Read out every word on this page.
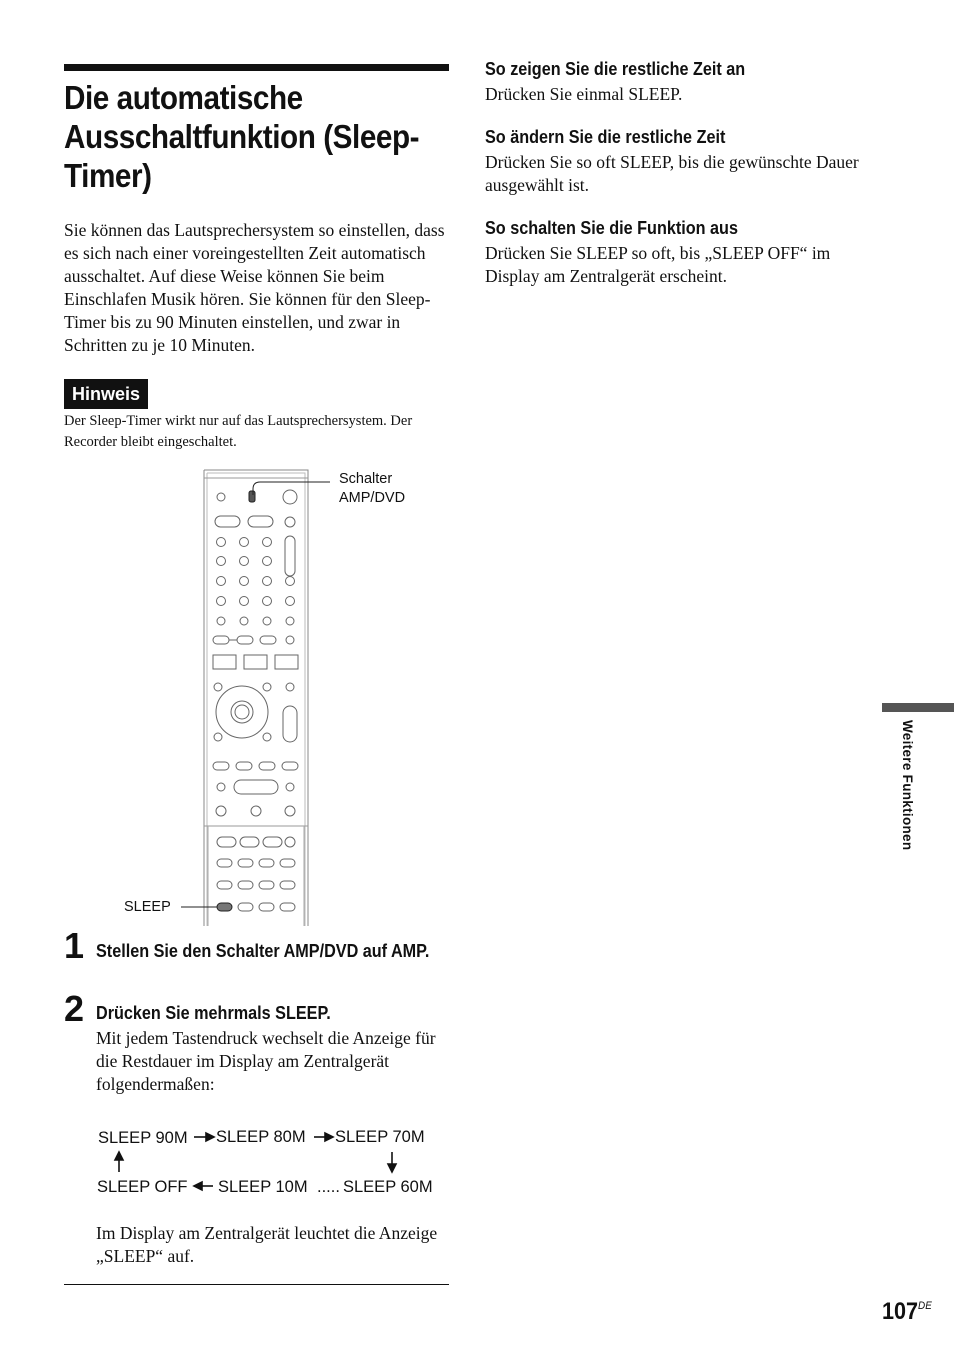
Die automatische Ausschaltfunktion (Sleep-Timer)
Sie können das Lautsprechersystem so einstellen, dass es sich nach einer voreingestellten Zeit automatisch ausschaltet. Auf diese Weise können Sie beim Einschlafen Musik hören. Sie können für den Sleep-Timer bis zu 90 Minuten einstellen, und zwar in Schritten zu je 10 Minuten.
Hinweis
Der Sleep-Timer wirkt nur auf das Lautsprechersystem. Der Recorder bleibt eingeschaltet.
Schalter
AMP/DVD
SLEEP
1 Stellen Sie den Schalter AMP/DVD auf AMP.
2 Drücken Sie mehrmals SLEEP.
Mit jedem Tastendruck wechselt die Anzeige für die Restdauer im Display am Zentralgerät folgendermaßen:
SLEEP 90M SLEEP 80M SLEEP 70M
SLEEP OFF SLEEP 10M ..... SLEEP 60M
Im Display am Zentralgerät leuchtet die Anzeige „SLEEP“ auf.
So zeigen Sie die restliche Zeit an
Drücken Sie einmal SLEEP.
So ändern Sie die restliche Zeit
Drücken Sie so oft SLEEP, bis die gewünschte Dauer ausgewählt ist.
So schalten Sie die Funktion aus
Drücken Sie SLEEP so oft, bis „SLEEP OFF“ im Display am Zentralgerät erscheint.
Weitere Funktionen
107DE
